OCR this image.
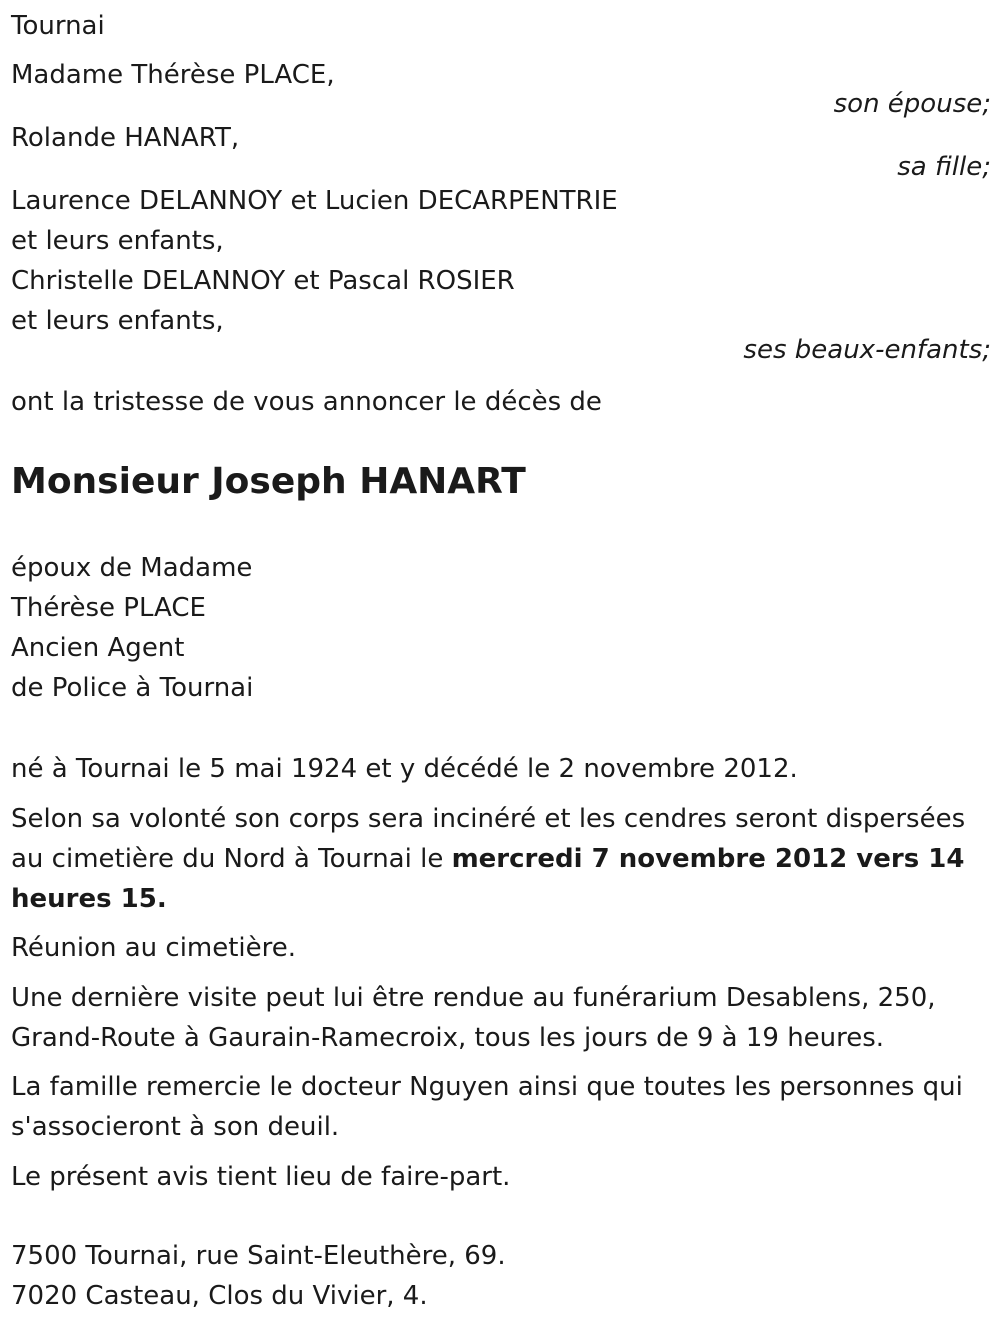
Tournai
Madame Thérèse PLACE,
son épouse;
Rolande HANART,
sa fille;
Laurence DELANNOY et Lucien DECARPENTRIE
et leurs enfants,
Christelle DELANNOY et Pascal ROSIER
et leurs enfants,
ses beaux-enfants;
ont la tristesse de vous annoncer le décès de
Monsieur Joseph HANART
époux de Madame
Thérèse PLACE
Ancien Agent
de Police à Tournai
né à Tournai le 5 mai 1924 et y décédé le 2 novembre 2012.
Selon sa volonté son corps sera incinéré et les cendres seront dispersées au cimetière du Nord à Tournai le mercredi 7 novembre 2012 vers 14 heures 15.
Réunion au cimetière.
Une dernière visite peut lui être rendue au funérarium Desablens, 250, Grand-Route à Gaurain-Ramecroix, tous les jours de 9 à 19 heures.
La famille remercie le docteur Nguyen ainsi que toutes les personnes qui s'associeront à son deuil.
Le présent avis tient lieu de faire-part.
7500 Tournai, rue Saint-Eleuthère, 69.
7020 Casteau, Clos du Vivier, 4.
